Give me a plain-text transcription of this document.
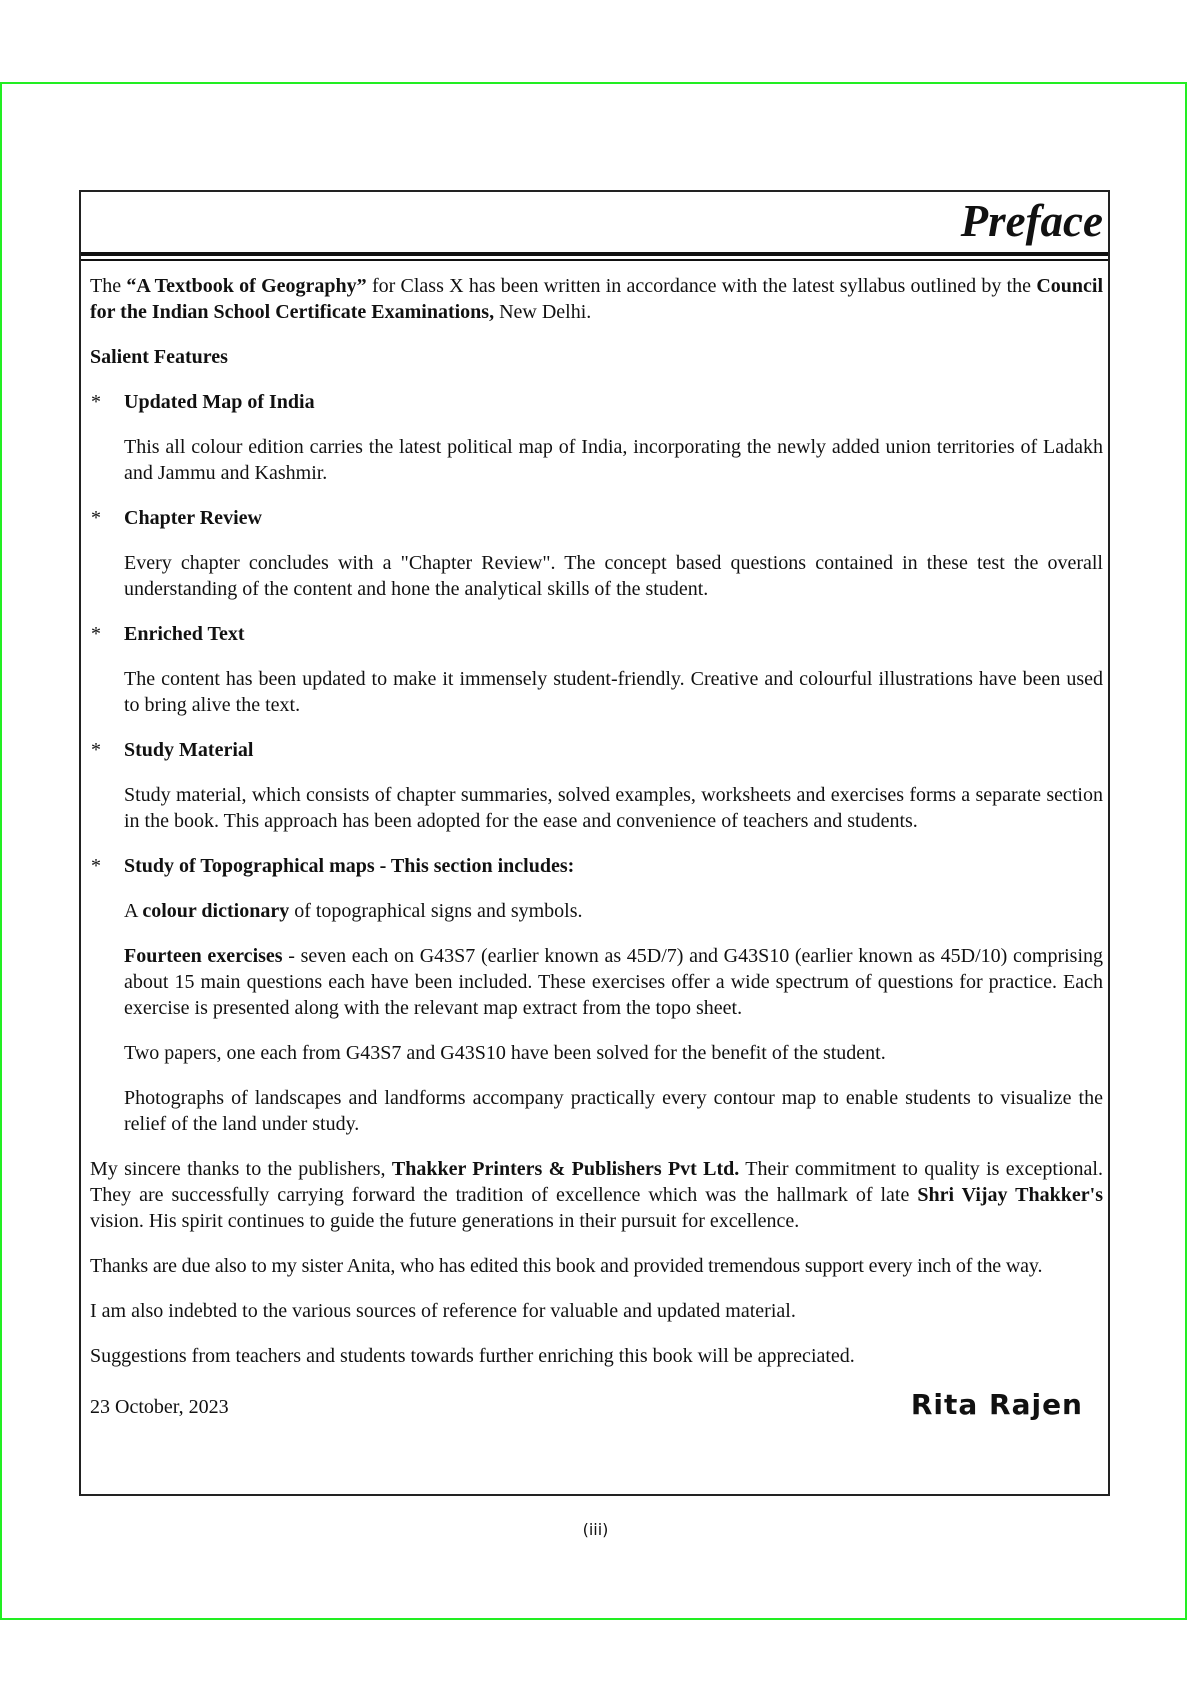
Preface

The “A Textbook of Geography” for Class X has been written in accordance with the latest syllabus outlined by the Council for the Indian School Certificate Examinations, New Delhi.

Salient Features

* Updated Map of India

This all colour edition carries the latest political map of India, incorporating the newly added union territories of Ladakh and Jammu and Kashmir.

* Chapter Review

Every chapter concludes with a "Chapter Review". The concept based questions contained in these test the overall understanding of the content and hone the analytical skills of the student.

* Enriched Text

The content has been updated to make it immensely student-friendly. Creative and colourful illustrations have been used to bring alive the text.

* Study Material

Study material, which consists of chapter summaries, solved examples, worksheets and exercises forms a separate section in the book. This approach has been adopted for the ease and convenience of teachers and students.

* Study of Topographical maps - This section includes:

A colour dictionary of topographical signs and symbols.

Fourteen exercises - seven each on G43S7 (earlier known as 45D/7) and G43S10 (earlier known as 45D/10) comprising about 15 main questions each have been included. These exercises offer a wide spectrum of questions for practice. Each exercise is presented along with the relevant map extract from the topo sheet.

Two papers, one each from G43S7 and G43S10 have been solved for the benefit of the student.

Photographs of landscapes and landforms accompany practically every contour map to enable students to visualize the relief of the land under study.

My sincere thanks to the publishers, Thakker Printers & Publishers Pvt Ltd. Their commitment to quality is exceptional. They are successfully carrying forward the tradition of excellence which was the hallmark of late Shri Vijay Thakker's vision. His spirit continues to guide the future generations in their pursuit for excellence.

Thanks are due also to my sister Anita, who has edited this book and provided tremendous support every inch of the way.

I am also indebted to the various sources of reference for valuable and updated material.

Suggestions from teachers and students towards further enriching this book will be appreciated.

23 October, 2023	Rita Rajen
(iii)
